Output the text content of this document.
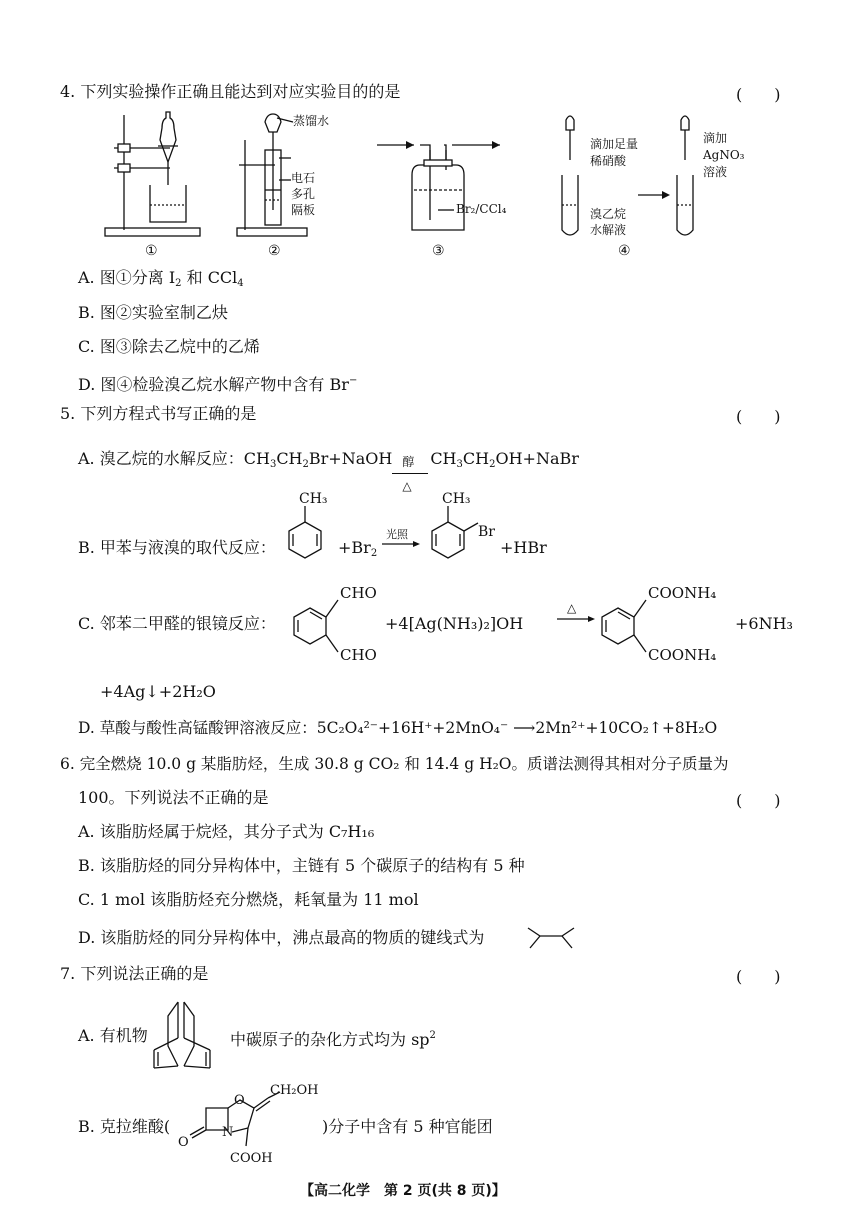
4. 下列实验操作正确且能达到对应实验目的的是	(　　)
①
蒸馏水
电石
多孔
隔板
②
Br₂/CCl₄
③
滴加足量
稀硝酸
溴乙烷
水解液
滴加
AgNO₃
溶液
④
A. 图①分离 $I_2$ 和 CCl$_4$
B. 图②实验室制乙炔
C. 图③除去乙烷中的乙烯
D. 图④检验溴乙烷水解产物中含有 Br−
5. 下列方程式书写正确的是	(　　)
A. 溴乙烷的水解反应：$CH_3CH_2Br+NaOH$ 醇
△
$CH_3CH_2OH+NaBr$
B. 甲苯与液溴的取代反应：
CH₃
$+Br_2$
光照
CH₃
Br
+HBr
C. 邻苯二甲醛的银镜反应：
CHO
CHO
+4[Ag(NH₃)₂]OH
△
COONH₄
COONH₄
+6NH₃
+4Ag↓+2H₂O
D. 草酸与酸性高锰酸钾溶液反应：5C₂O₄²⁻+16H⁺+2MnO₄⁻ ⟶2Mn²⁺+10CO₂↑+8H₂O
6. 完全燃烧 10.0 g 某脂肪烃，生成 30.8 g CO₂ 和 14.4 g H₂O。质谱法测得其相对分子质量为
100。下列说法不正确的是	(　　)
A. 该脂肪烃属于烷烃，其分子式为 C₇H₁₆
B. 该脂肪烃的同分异构体中，主链有 5 个碳原子的结构有 5 种
C. 1 mol 该脂肪烃充分燃烧，耗氧量为 11 mol
D. 该脂肪烃的同分异构体中，沸点最高的物质的键线式为
7. 下列说法正确的是	(　　)
A. 有机物	中碳原子的杂化方式均为 $sp^2$
B. 克拉维酸(
O
N
O
CH₂OH
COOH
)分子中含有 5 种官能团
【高二化学　第 2 页(共 8 页)】
